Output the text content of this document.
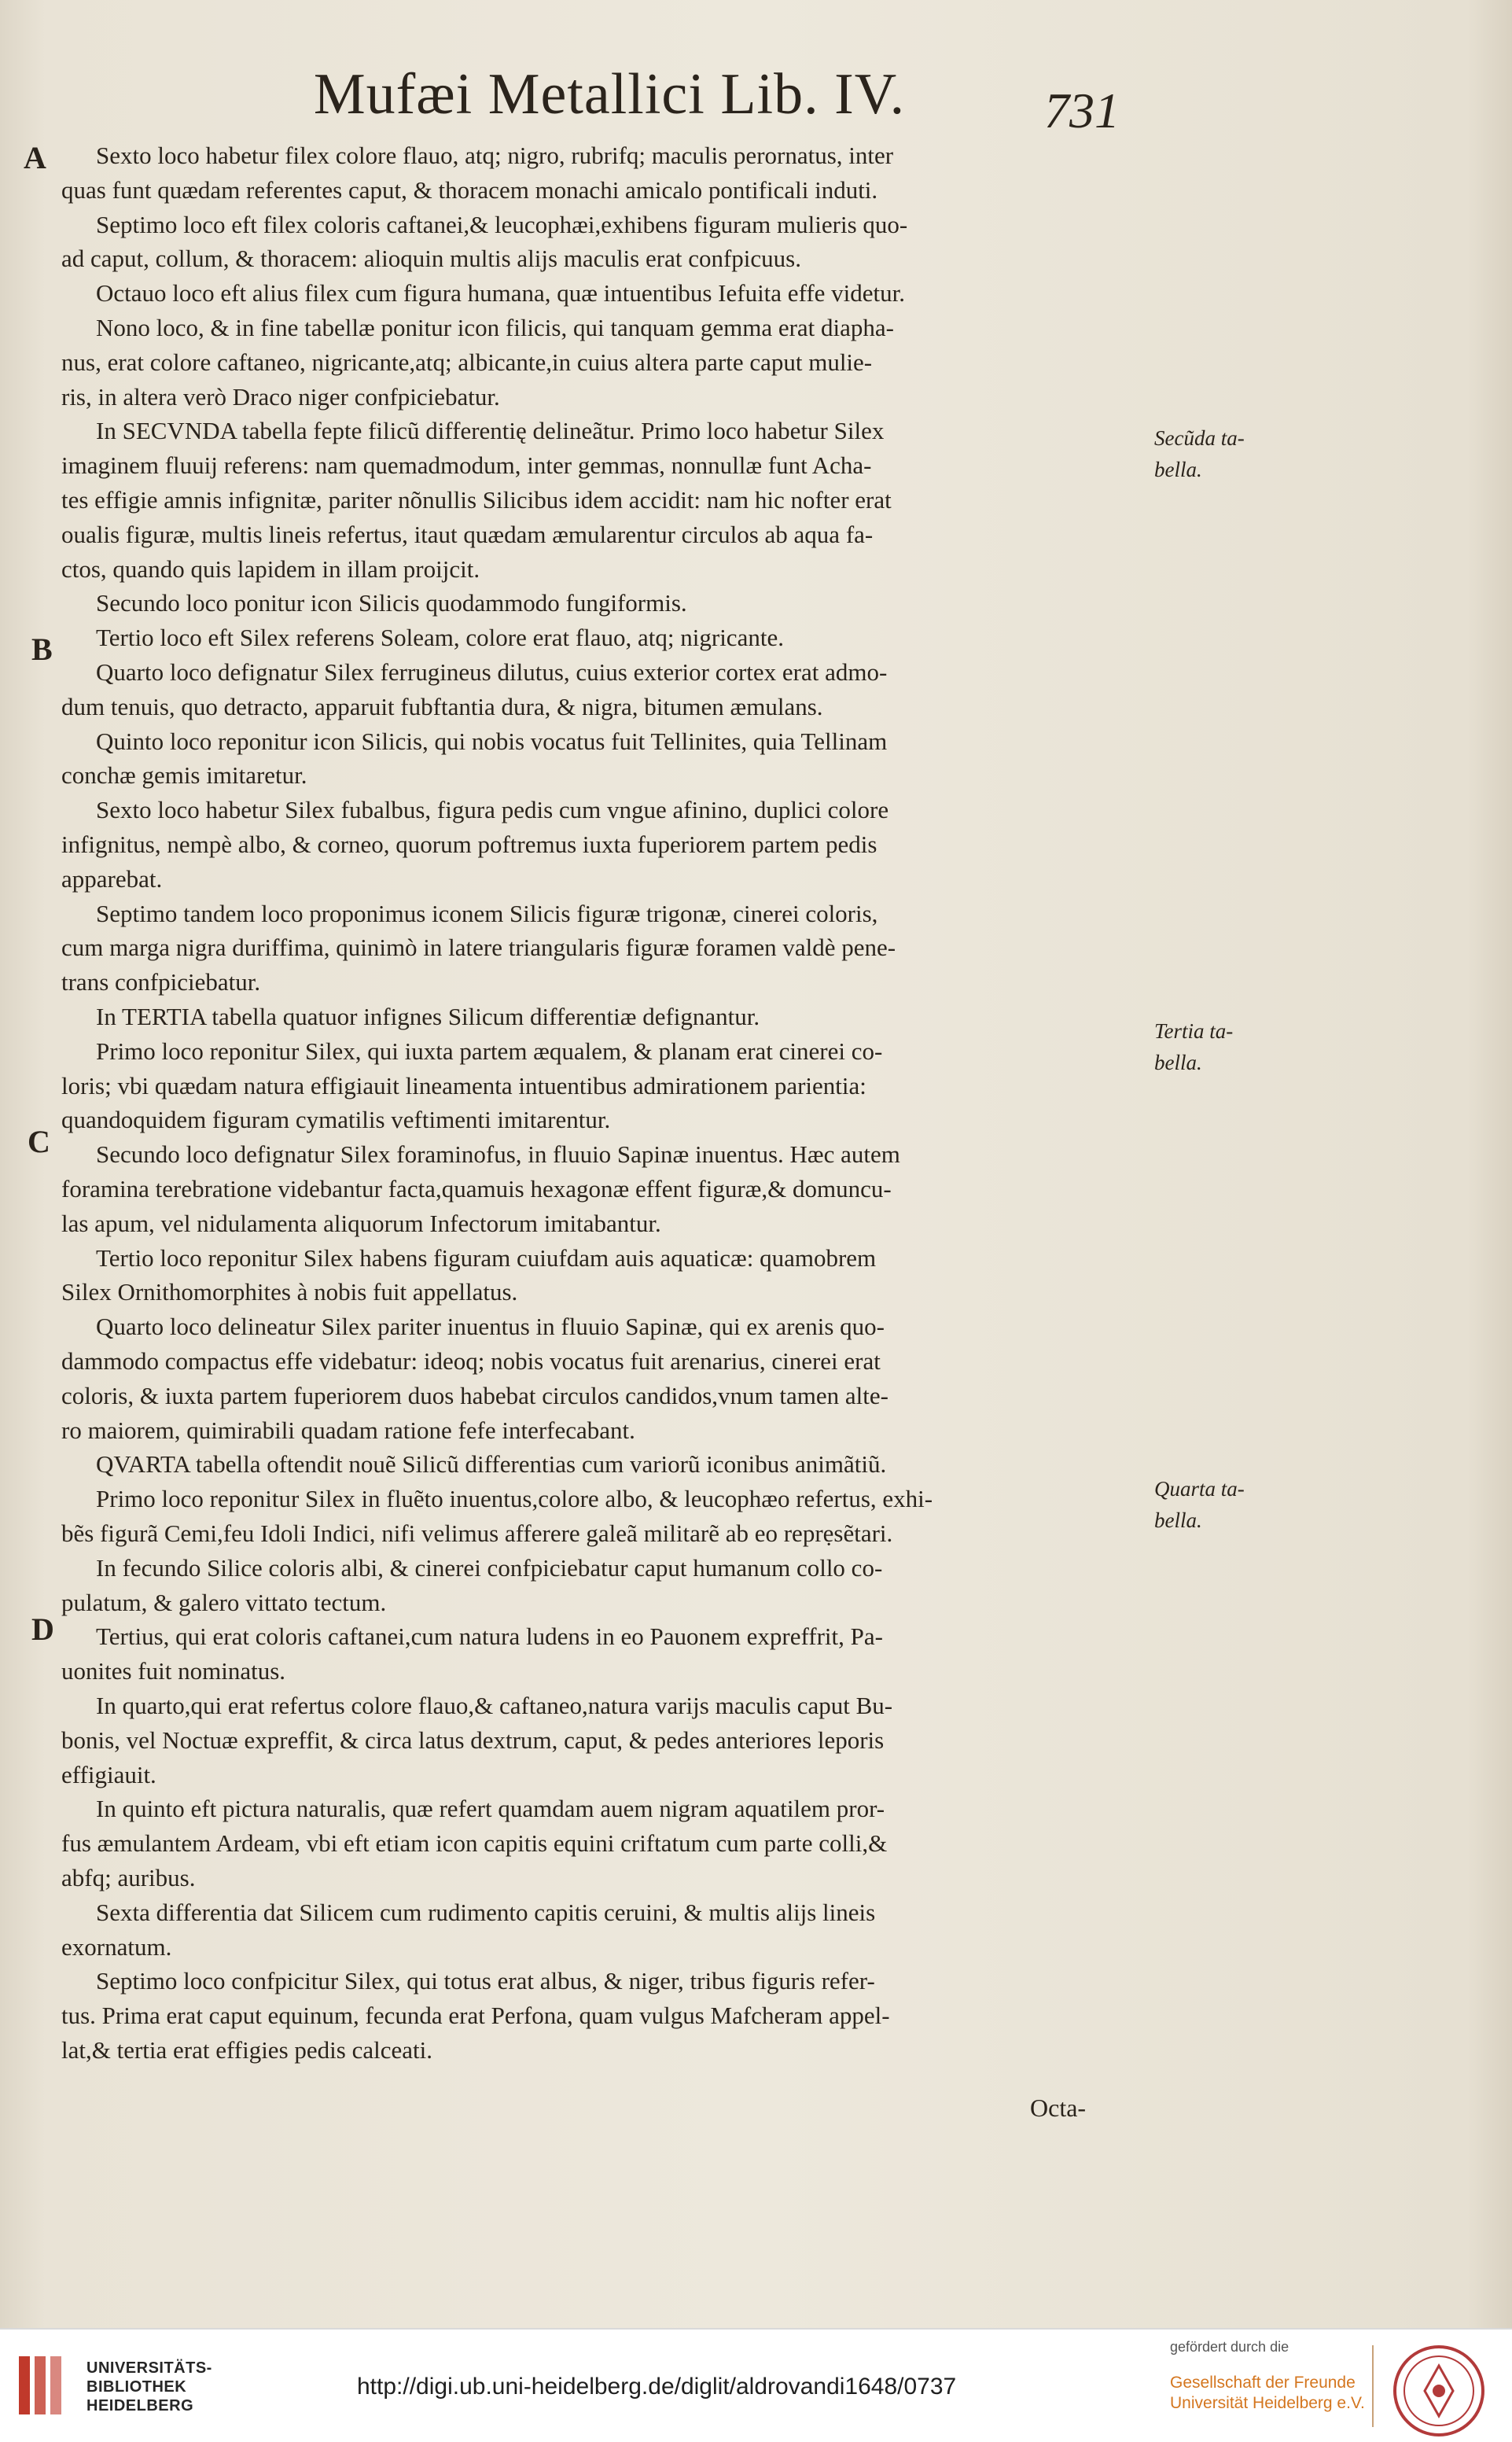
Mufæi Metallici Lib. IV.	731
A
B
C
D
Secũda ta-
bella.
Tertia ta-
bella.
Quarta ta-
bella.
Sexto loco habetur filex colore flauo, atq; nigro, rubrifq; maculis perornatus, inter
quas funt quædam referentes caput, & thoracem monachi amicalo pontificali induti.
Septimo loco eft filex coloris caftanei,& leucophæi,exhibens figuram mulieris quo-
ad caput, collum, & thoracem: alioquin multis alijs maculis erat confpicuus.
Octauo loco eft alius filex cum figura humana, quæ intuentibus Iefuita effe videtur.
Nono loco, & in fine tabellæ ponitur icon filicis, qui tanquam gemma erat diapha-
nus, erat colore caftaneo, nigricante,atq; albicante,in cuius altera parte caput mulie-
ris, in altera verò Draco niger confpiciebatur.
In SECVNDA tabella fepte filicũ differentię delineãtur. Primo loco habetur Silex
imaginem fluuij referens: nam quemadmodum, inter gemmas, nonnullæ funt Acha-
tes effigie amnis infignitæ, pariter nõnullis Silicibus idem accidit: nam hic nofter erat
oualis figuræ, multis lineis refertus, itaut quædam æmularentur circulos ab aqua fa-
ctos, quando quis lapidem in illam proijcit.
Secundo loco ponitur icon Silicis quodammodo fungiformis.
Tertio loco eft Silex referens Soleam, colore erat flauo, atq; nigricante.
Quarto loco defignatur Silex ferrugineus dilutus, cuius exterior cortex erat admo-
dum tenuis, quo detracto, apparuit fubftantia dura, & nigra, bitumen æmulans.
Quinto loco reponitur icon Silicis, qui nobis vocatus fuit Tellinites, quia Tellinam
conchæ gemis imitaretur.
Sexto loco habetur Silex fubalbus, figura pedis cum vngue afinino, duplici colore
infignitus, nempè albo, & corneo, quorum poftremus iuxta fuperiorem partem pedis
apparebat.
Septimo tandem loco proponimus iconem Silicis figuræ trigonæ, cinerei coloris,
cum marga nigra duriffima, quinimò in latere triangularis figuræ foramen valdè pene-
trans confpiciebatur.
In TERTIA tabella quatuor infignes Silicum differentiæ defignantur.
Primo loco reponitur Silex, qui iuxta partem æqualem, & planam erat cinerei co-
loris; vbi quædam natura effigiauit lineamenta intuentibus admirationem parientia:
quandoquidem figuram cymatilis veftimenti imitarentur.
Secundo loco defignatur Silex foraminofus, in fluuio Sapinæ inuentus. Hæc autem
foramina terebratione videbantur facta,quamuis hexagonæ effent figuræ,& domuncu-
las apum, vel nidulamenta aliquorum Infectorum imitabantur.
Tertio loco reponitur Silex habens figuram cuiufdam auis aquaticæ: quamobrem
Silex Ornithomorphites à nobis fuit appellatus.
Quarto loco delineatur Silex pariter inuentus in fluuio Sapinæ, qui ex arenis quo-
dammodo compactus effe videbatur: ideoq; nobis vocatus fuit arenarius, cinerei erat
coloris, & iuxta partem fuperiorem duos habebat circulos candidos,vnum tamen alte-
ro maiorem, quimirabili quadam ratione fefe interfecabant.
QVARTA tabella oftendit nouẽ Silicũ differentias cum variorũ iconibus animãtiũ.
Primo loco reponitur Silex in fluẽto inuentus,colore albo, & leucophæo refertus, exhi-
bẽs figurã Cemi,feu Idoli Indici, nifi velimus afferere galeã militarẽ ab eo reprẹsẽtari.
In fecundo Silice coloris albi, & cinerei confpiciebatur caput humanum collo co-
pulatum, & galero vittato tectum.
Tertius, qui erat coloris caftanei,cum natura ludens in eo Pauonem expreffrit, Pa-
uonites fuit nominatus.
In quarto,qui erat refertus colore flauo,& caftaneo,natura varijs maculis caput Bu-
bonis, vel Noctuæ expreffit, & circa latus dextrum, caput, & pedes anteriores leporis
effigiauit.
In quinto eft pictura naturalis, quæ refert quamdam auem nigram aquatilem pror-
fus æmulantem Ardeam, vbi eft etiam icon capitis equini criftatum cum parte colli,&
abfq; auribus.
Sexta differentia dat Silicem cum rudimento capitis ceruini, & multis alijs lineis
exornatum.
Septimo loco confpicitur Silex, qui totus erat albus, & niger, tribus figuris refer-
tus. Prima erat caput equinum, fecunda erat Perfona, quam vulgus Mafcheram appel-
lat,& tertia erat effigies pedis calceati.
Octa-
UNIVERSITÄTS-
BIBLIOTHEK
HEIDELBERG
http://digi.ub.uni-heidelberg.de/diglit/aldrovandi1648/0737
gefördert durch die
Gesellschaft der Freunde
Universität Heidelberg e.V.
